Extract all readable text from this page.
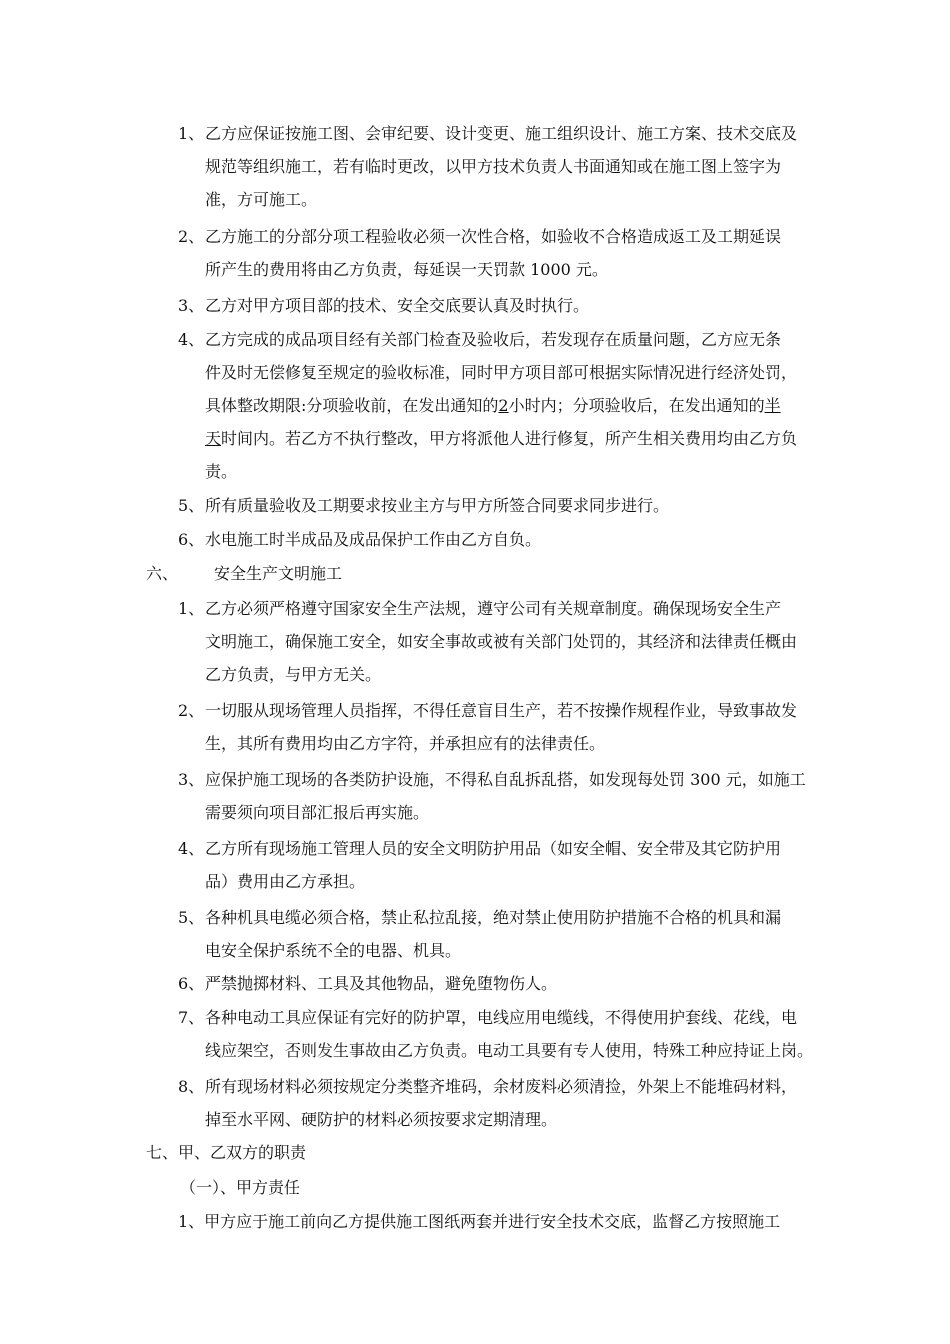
1、 乙方应保证按施工图、会审纪要、设计变更、施工组织设计、施工方案、技术交底及
规范等组织施工，若有临时更改，以甲方技术负责人书面通知或在施工图上签字为
准，方可施工。
2、 乙方施工的分部分项工程验收必须一次性合格，如验收不合格造成返工及工期延误
所产生的费用将由乙方负责，每延误一天罚款 1000 元。
3、 乙方对甲方项目部的技术、安全交底要认真及时执行。
4、 乙方完成的成品项目经有关部门检查及验收后，若发现存在质量问题，乙方应无条
件及时无偿修复至规定的验收标准，同时甲方项目部可根据实际情况进行经济处罚，
具体整改期限:分项验收前，在发出通知的2小时内；分项验收后，在发出通知的半
天时间内。若乙方不执行整改，甲方将派他人进行修复，所产生相关费用均由乙方负
责。
5、 所有质量验收及工期要求按业主方与甲方所签合同要求同步进行。
6、 水电施工时半成品及成品保护工作由乙方自负。
六、 安全生产文明施工
1、 乙方必须严格遵守国家安全生产法规，遵守公司有关规章制度。确保现场安全生产
文明施工，确保施工安全，如安全事故或被有关部门处罚的，其经济和法律责任概由
乙方负责，与甲方无关。
2、 一切服从现场管理人员指挥，不得任意盲目生产，若不按操作规程作业，导致事故发
生，其所有费用均由乙方字符，并承担应有的法律责任。
3、 应保护施工现场的各类防护设施，不得私自乱拆乱搭，如发现每处罚 300 元，如施工
需要须向项目部汇报后再实施。
4、 乙方所有现场施工管理人员的安全文明防护用品（如安全帽、安全带及其它防护用
品）费用由乙方承担。
5、 各种机具电缆必须合格，禁止私拉乱接，绝对禁止使用防护措施不合格的机具和漏
电安全保护系统不全的电器、机具。
6、 严禁抛掷材料、工具及其他物品，避免堕物伤人。
7、 各种电动工具应保证有完好的防护罩，电线应用电缆线，不得使用护套线、花线，电
线应架空，否则发生事故由乙方负责。电动工具要有专人使用，特殊工种应持证上岗。
8、 所有现场材料必须按规定分类整齐堆码，余材废料必须清捡，外架上不能堆码材料，
掉至水平网、硬防护的材料必须按要求定期清理。
七、甲、乙双方的职责
（一）、甲方责任
1、甲方应于施工前向乙方提供施工图纸两套并进行安全技术交底，监督乙方按照施工
